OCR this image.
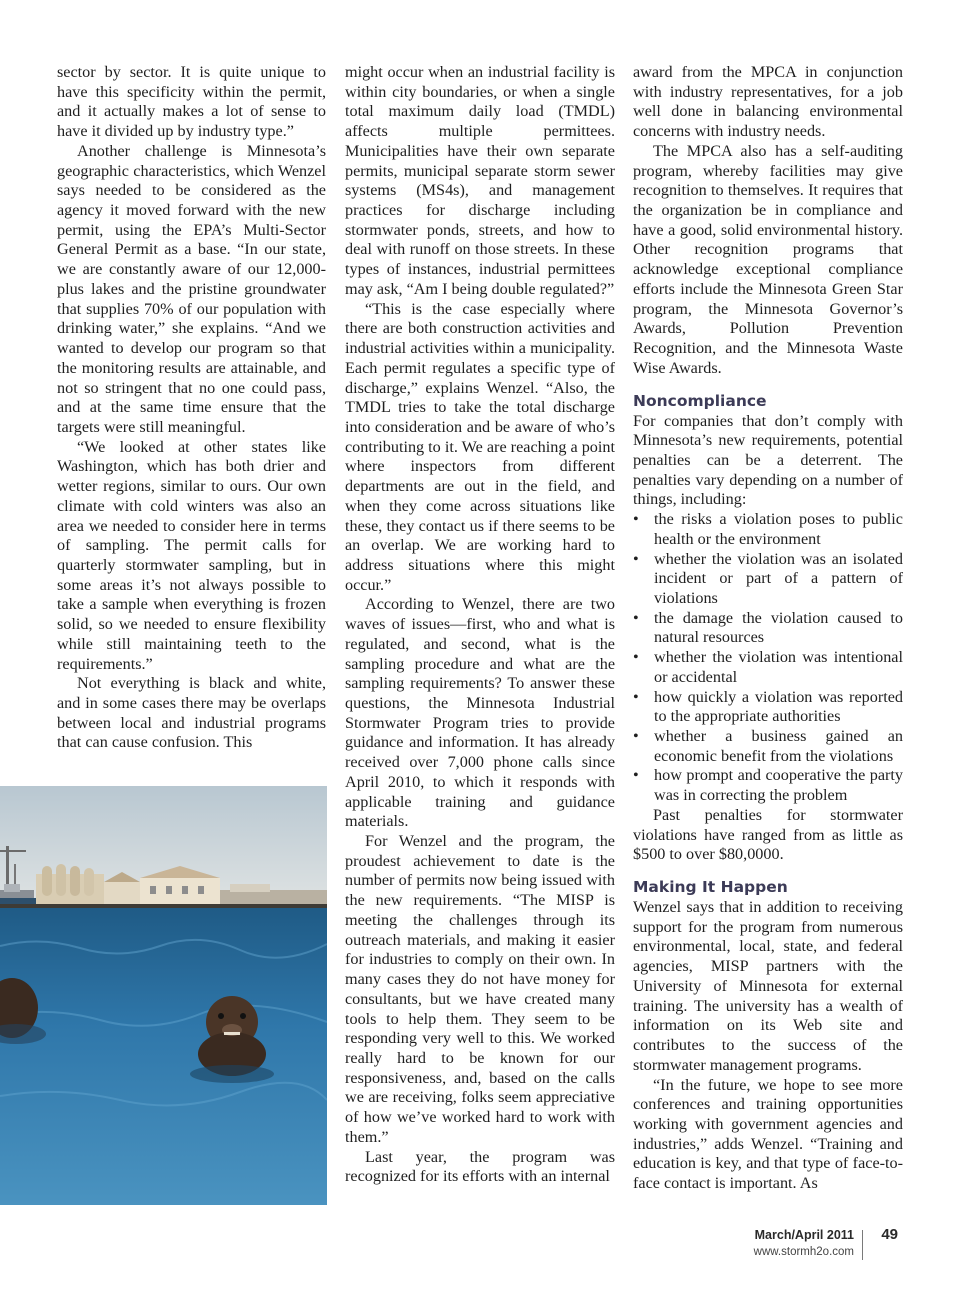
sector by sector. It is quite unique to have this specificity within the permit, and it actually makes a lot of sense to have it divided up by industry type.”

Another challenge is Minnesota’s geographic characteristics, which Wenzel says needed to be considered as the agency it moved forward with the new permit, using the EPA’s Multi-Sector General Permit as a base. “In our state, we are constantly aware of our 12,000-plus lakes and the pristine groundwater that supplies 70% of our population with drinking water,” she explains. “And we wanted to develop our program so that the monitoring results are attainable, and not so stringent that no one could pass, and at the same time ensure that the targets were still meaningful.

“We looked at other states like Washington, which has both drier and wetter regions, similar to ours. Our own climate with cold winters was also an area we needed to consider here in terms of sampling. The permit calls for quarterly stormwater sampling, but in some areas it’s not always possible to take a sample when everything is frozen solid, so we needed to ensure flexibility while still maintaining teeth to the requirements.”

Not everything is black and white, and in some cases there may be overlaps between local and industrial programs that can cause confusion. This

might occur when an industrial facility is within city boundaries, or when a single total maximum daily load (TMDL) affects multiple permittees. Municipalities have their own separate permits, municipal separate storm sewer systems (MS4s), and management practices for discharge including stormwater ponds, streets, and how to deal with runoff on those streets. In these types of instances, industrial permittees may ask, “Am I being double regulated?”

“This is the case especially where there are both construction activities and industrial activities within a municipality. Each permit regulates a specific type of discharge,” explains Wenzel. “Also, the TMDL tries to take the total discharge into consideration and be aware of who’s contributing to it. We are reaching a point where inspectors from different departments are out in the field, and when they come across situations like these, they contact us if there seems to be an overlap. We are working hard to address situations where this might occur.”

According to Wenzel, there are two waves of issues—first, who and what is regulated, and second, what is the sampling procedure and what are the sampling requirements? To answer these questions, the Minnesota Industrial Stormwater Program tries to provide guidance and information. It has already received over 7,000 phone calls since April 2010, to which it responds with applicable training and guidance materials.

For Wenzel and the program, the proudest achievement to date is the number of permits now being issued with the new requirements. “The MISP is meeting the challenges through its outreach materials, and making it easier for industries to comply on their own. In many cases they do not have money for consultants, but we have created many tools to help them. They seem to be responding very well to this. We worked really hard to be known for our responsiveness, and, based on the calls we are receiving, folks seem appreciative of how we’ve worked hard to work with them.”

Last year, the program was recognized for its efforts with an internal

award from the MPCA in conjunction with industry representatives, for a job well done in balancing environmental concerns with industry needs.

The MPCA also has a self-auditing program, whereby facilities may give recognition to themselves. It requires that the organization be in compliance and have a good, solid environmental history. Other recognition programs that acknowledge exceptional compliance efforts include the Minnesota Green Star program, the Minnesota Governor’s Awards, Pollution Prevention Recognition, and the Minnesota Waste Wise Awards.

Noncompliance

For companies that don’t comply with Minnesota’s new requirements, potential penalties can be a deterrent. The penalties vary depending on a number of things, including:

• the risks a violation poses to public health or the environment
• whether the violation was an isolated incident or part of a pattern of violations
• the damage the violation caused to natural resources
• whether the violation was intentional or accidental
• how quickly a violation was reported to the appropriate authorities
• whether a business gained an economic benefit from the violations
• how prompt and cooperative the party was in correcting the problem

Past penalties for stormwater violations have ranged from as little as $500 to over $80,0000.

Making It Happen

Wenzel says that in addition to receiving support for the program from numerous environmental, local, state, and federal agencies, MISP partners with the University of Minnesota for external training. The university has a wealth of information on its Web site and contributes to the success of the stormwater management programs.

“In the future, we hope to see more conferences and training opportunities working with government agencies and industries,” adds Wenzel. “Training and education is key, and that type of face-to-face contact is important. As

March/April 2011
www.stormh2o.com
49
